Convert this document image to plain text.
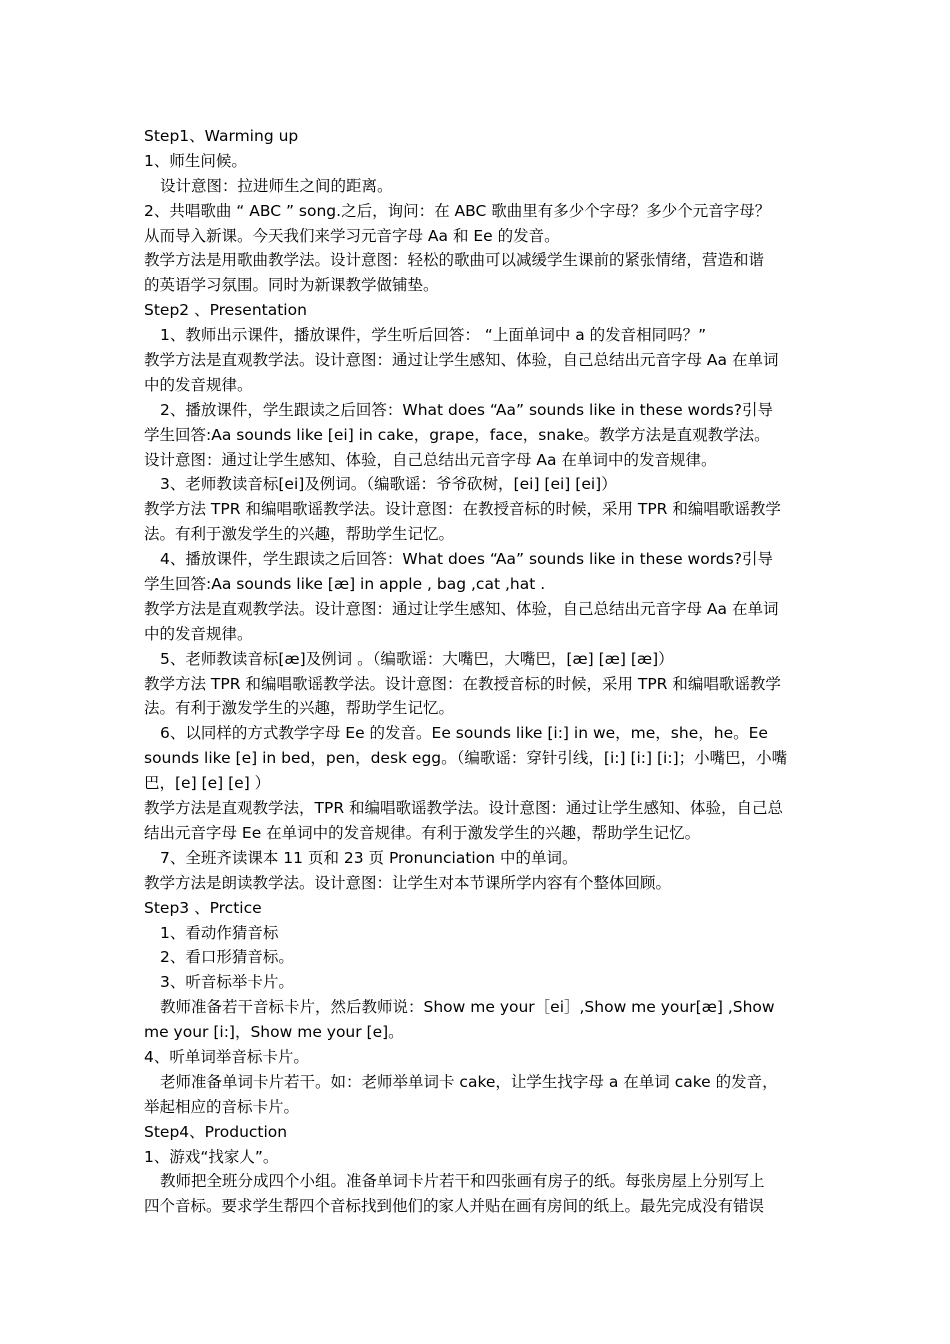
Step1、Warming up
1、师生问候。
设计意图：拉进师生之间的距离。
2、共唱歌曲 “ ABC ” song.之后，询问：在 ABC 歌曲里有多少个字母？多少个元音字母？
从而导入新课。今天我们来学习元音字母 Aa 和 Ee 的发音。
教学方法是用歌曲教学法。设计意图：轻松的歌曲可以减缓学生课前的紧张情绪，营造和谐
的英语学习氛围。同时为新课教学做铺垫。
Step2 、Presentation
1、教师出示课件，播放课件，学生听后回答： “上面单词中 a 的发音相同吗？”
教学方法是直观教学法。设计意图：通过让学生感知、体验，自己总结出元音字母 Aa 在单词
中的发音规律。
2、播放课件，学生跟读之后回答：What does “Aa” sounds like in these words?引导
学生回答:Aa sounds like [ei] in cake，grape，face，snake。教学方法是直观教学法。
设计意图：通过让学生感知、体验，自己总结出元音字母 Aa 在单词中的发音规律。
3、老师教读音标[ei]及例词。（编歌谣：爷爷砍树，[ei] [ei] [ei]）
教学方法 TPR 和编唱歌谣教学法。设计意图：在教授音标的时候，采用 TPR 和编唱歌谣教学
法。有利于激发学生的兴趣，帮助学生记忆。
4、播放课件，学生跟读之后回答：What does “Aa” sounds like in these words?引导
学生回答:Aa sounds like [æ] in apple , bag ,cat ,hat .
教学方法是直观教学法。设计意图：通过让学生感知、体验，自己总结出元音字母 Aa 在单词
中的发音规律。
5、老师教读音标[æ]及例词 。（编歌谣：大嘴巴，大嘴巴，[æ] [æ] [æ]）
教学方法 TPR 和编唱歌谣教学法。设计意图：在教授音标的时候，采用 TPR 和编唱歌谣教学
法。有利于激发学生的兴趣，帮助学生记忆。
6、以同样的方式教学字母 Ee 的发音。Ee sounds like [i:] in we，me，she，he。Ee
sounds like [e] in bed，pen，desk egg。（编歌谣：穿针引线，[i:] [i:] [i:]；小嘴巴，小嘴
巴，[e] [e] [e] ）
教学方法是直观教学法，TPR 和编唱歌谣教学法。设计意图：通过让学生感知、体验，自己总
结出元音字母 Ee 在单词中的发音规律。有利于激发学生的兴趣，帮助学生记忆。
7、全班齐读课本 11 页和 23 页 Pronunciation 中的单词。
教学方法是朗读教学法。设计意图：让学生对本节课所学内容有个整体回顾。
Step3 、Prctice
1、看动作猜音标
2、看口形猜音标。
3、听音标举卡片。
教师准备若干音标卡片，然后教师说：Show me your［ei］,Show me your[æ] ,Show
me your [i:]，Show me your [e]。
4、听单词举音标卡片。
老师准备单词卡片若干。如：老师举单词卡 cake，让学生找字母 a 在单词 cake 的发音，
举起相应的音标卡片。
Step4、Production
1、游戏“找家人”。
教师把全班分成四个小组。准备单词卡片若干和四张画有房子的纸。每张房屋上分别写上
四个音标。要求学生帮四个音标找到他们的家人并贴在画有房间的纸上。最先完成没有错误
